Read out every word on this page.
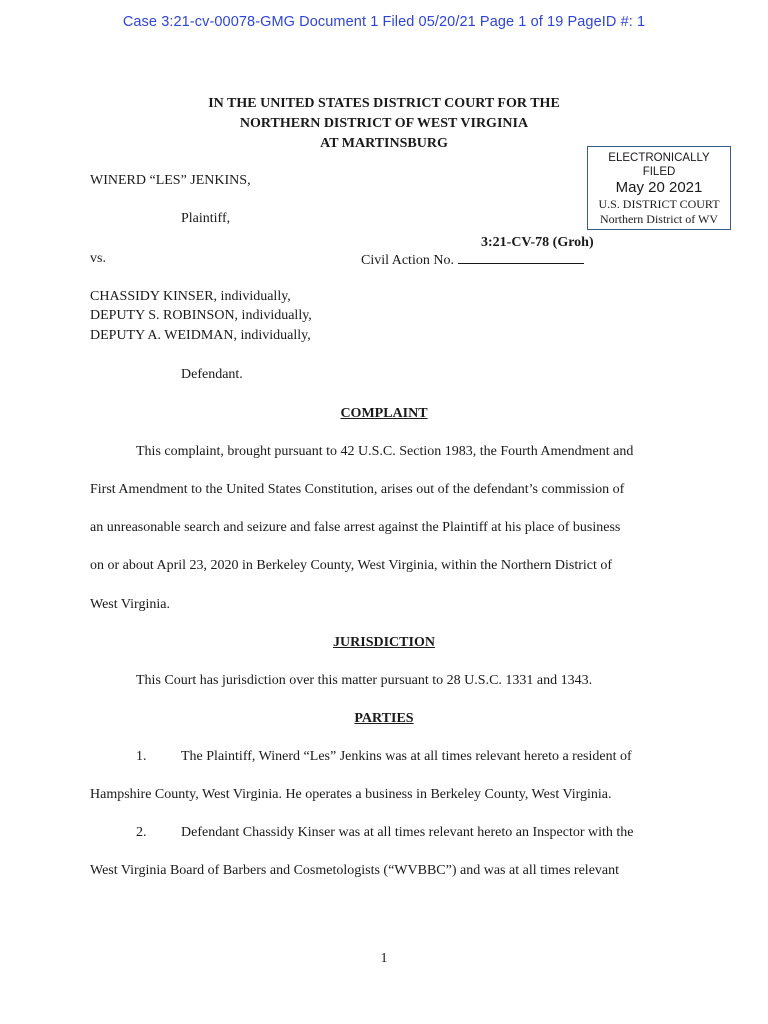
Case 3:21-cv-00078-GMG Document 1 Filed 05/20/21 Page 1 of 19 PageID #: 1
IN THE UNITED STATES DISTRICT COURT FOR THE
NORTHERN DISTRICT OF WEST VIRGINIA
AT MARTINSBURG
ELECTRONICALLY
FILED
May 20 2021
U.S. DISTRICT COURT
Northern District of WV
WINERD “LES” JENKINS,
Plaintiff,
3:21-CV-78 (Groh)
vs.	Civil Action No.
CHASSIDY KINSER, individually,
DEPUTY S. ROBINSON, individually,
DEPUTY A. WEIDMAN, individually,
Defendant.
COMPLAINT
This complaint, brought pursuant to 42 U.S.C. Section 1983, the Fourth Amendment and
First Amendment to the United States Constitution, arises out of the defendant’s commission of
an unreasonable search and seizure and false arrest against the Plaintiff at his place of business
on or about April 23, 2020 in Berkeley County, West Virginia, within the Northern District of
West Virginia.
JURISDICTION
This Court has jurisdiction over this matter pursuant to 28 U.S.C. 1331 and 1343.
PARTIES
1. The Plaintiff, Winerd “Les” Jenkins was at all times relevant hereto a resident of
Hampshire County, West Virginia. He operates a business in Berkeley County, West Virginia.
2. Defendant Chassidy Kinser was at all times relevant hereto an Inspector with the
West Virginia Board of Barbers and Cosmetologists (“WVBBC”) and was at all times relevant
1
